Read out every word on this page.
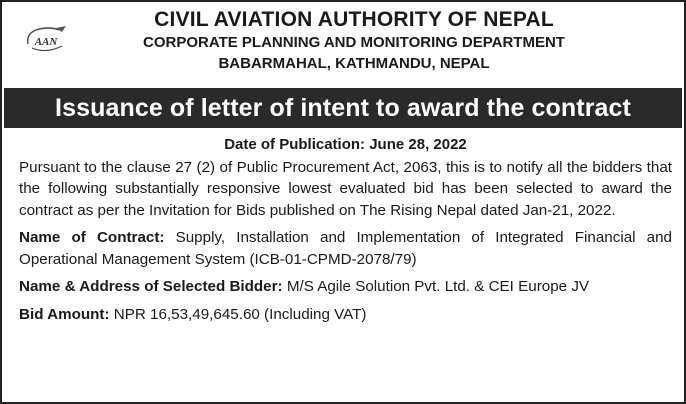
AAN
CIVIL AVIATION AUTHORITY OF NEPAL
CORPORATE PLANNING AND MONITORING DEPARTMENT
BABARMAHAL, KATHMANDU, NEPAL
Issuance of letter of intent to award the contract
Date of Publication: June 28, 2022

Pursuant to the clause 27 (2) of Public Procurement Act, 2063, this is to notify all the bidders that the following substantially responsive lowest evaluated bid has been selected to award the contract as per the Invitation for Bids published on The Rising Nepal dated Jan-21, 2022.

Name of Contract: Supply, Installation and Implementation of Integrated Financial and Operational Management System (ICB-01-CPMD-2078/79)

Name & Address of Selected Bidder: M/S Agile Solution Pvt. Ltd. & CEI Europe JV

Bid Amount: NPR 16,53,49,645.60 (Including VAT)
